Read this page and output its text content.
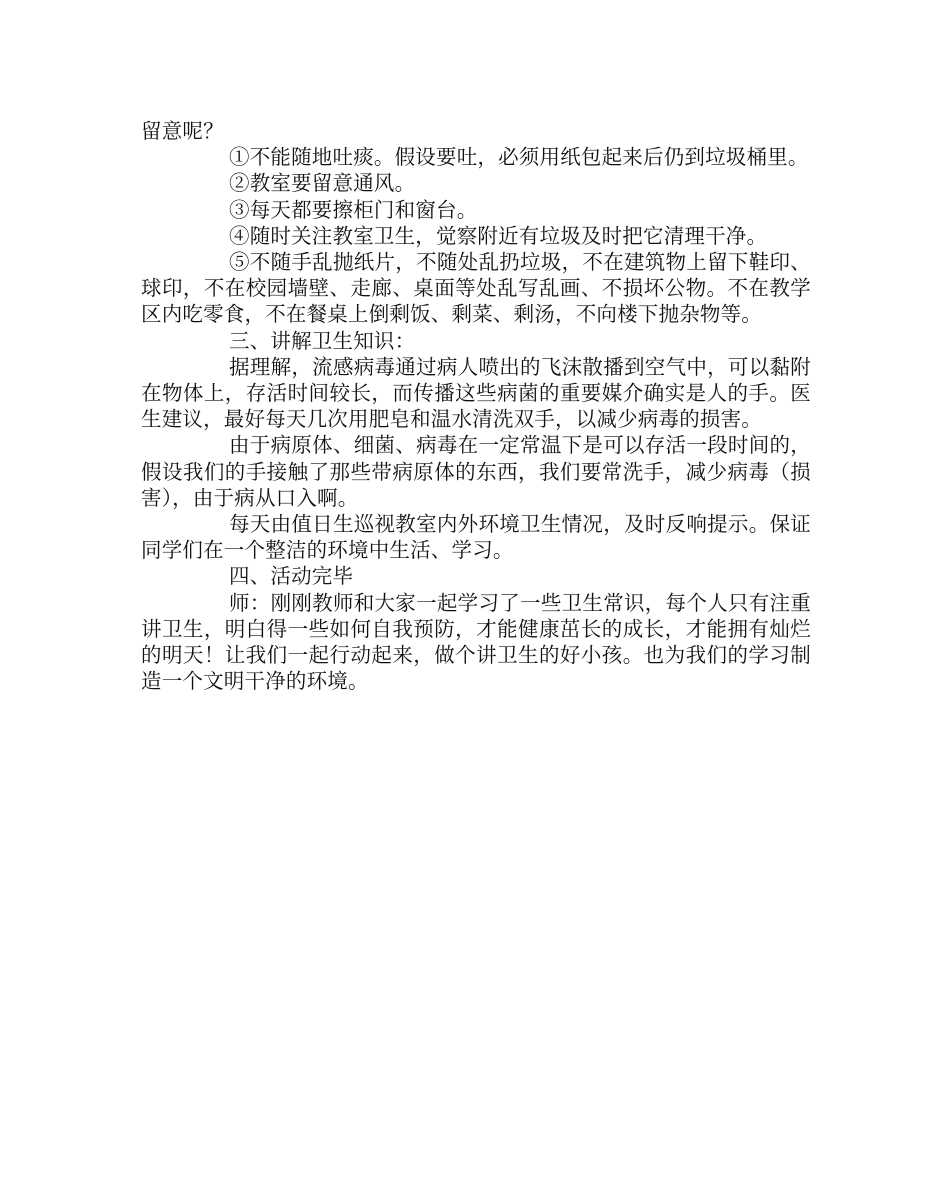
留意呢？

①不能随地吐痰。假设要吐，必须用纸包起来后仍到垃圾桶里。

②教室要留意通风。

③每天都要擦柜门和窗台。

④随时关注教室卫生，觉察附近有垃圾及时把它清理干净。

⑤不随手乱抛纸片，不随处乱扔垃圾，不在建筑物上留下鞋印、球印，不在校园墙壁、走廊、桌面等处乱写乱画、不损坏公物。不在教学区内吃零食，不在餐桌上倒剩饭、剩菜、剩汤，不向楼下抛杂物等。

三、讲解卫生知识：

据理解，流感病毒通过病人喷出的飞沫散播到空气中，可以黏附在物体上，存活时间较长，而传播这些病菌的重要媒介确实是人的手。医生建议，最好每天几次用肥皂和温水清洗双手，以减少病毒的损害。

由于病原体、细菌、病毒在一定常温下是可以存活一段时间的，假设我们的手接触了那些带病原体的东西，我们要常洗手，减少病毒（损害），由于病从口入啊。

每天由值日生巡视教室内外环境卫生情况，及时反响提示。保证同学们在一个整洁的环境中生活、学习。

四、活动完毕

师：刚刚教师和大家一起学习了一些卫生常识，每个人只有注重讲卫生，明白得一些如何自我预防，才能健康茁长的成长，才能拥有灿烂的明天！让我们一起行动起来，做个讲卫生的好小孩。也为我们的学习制造一个文明干净的环境。
